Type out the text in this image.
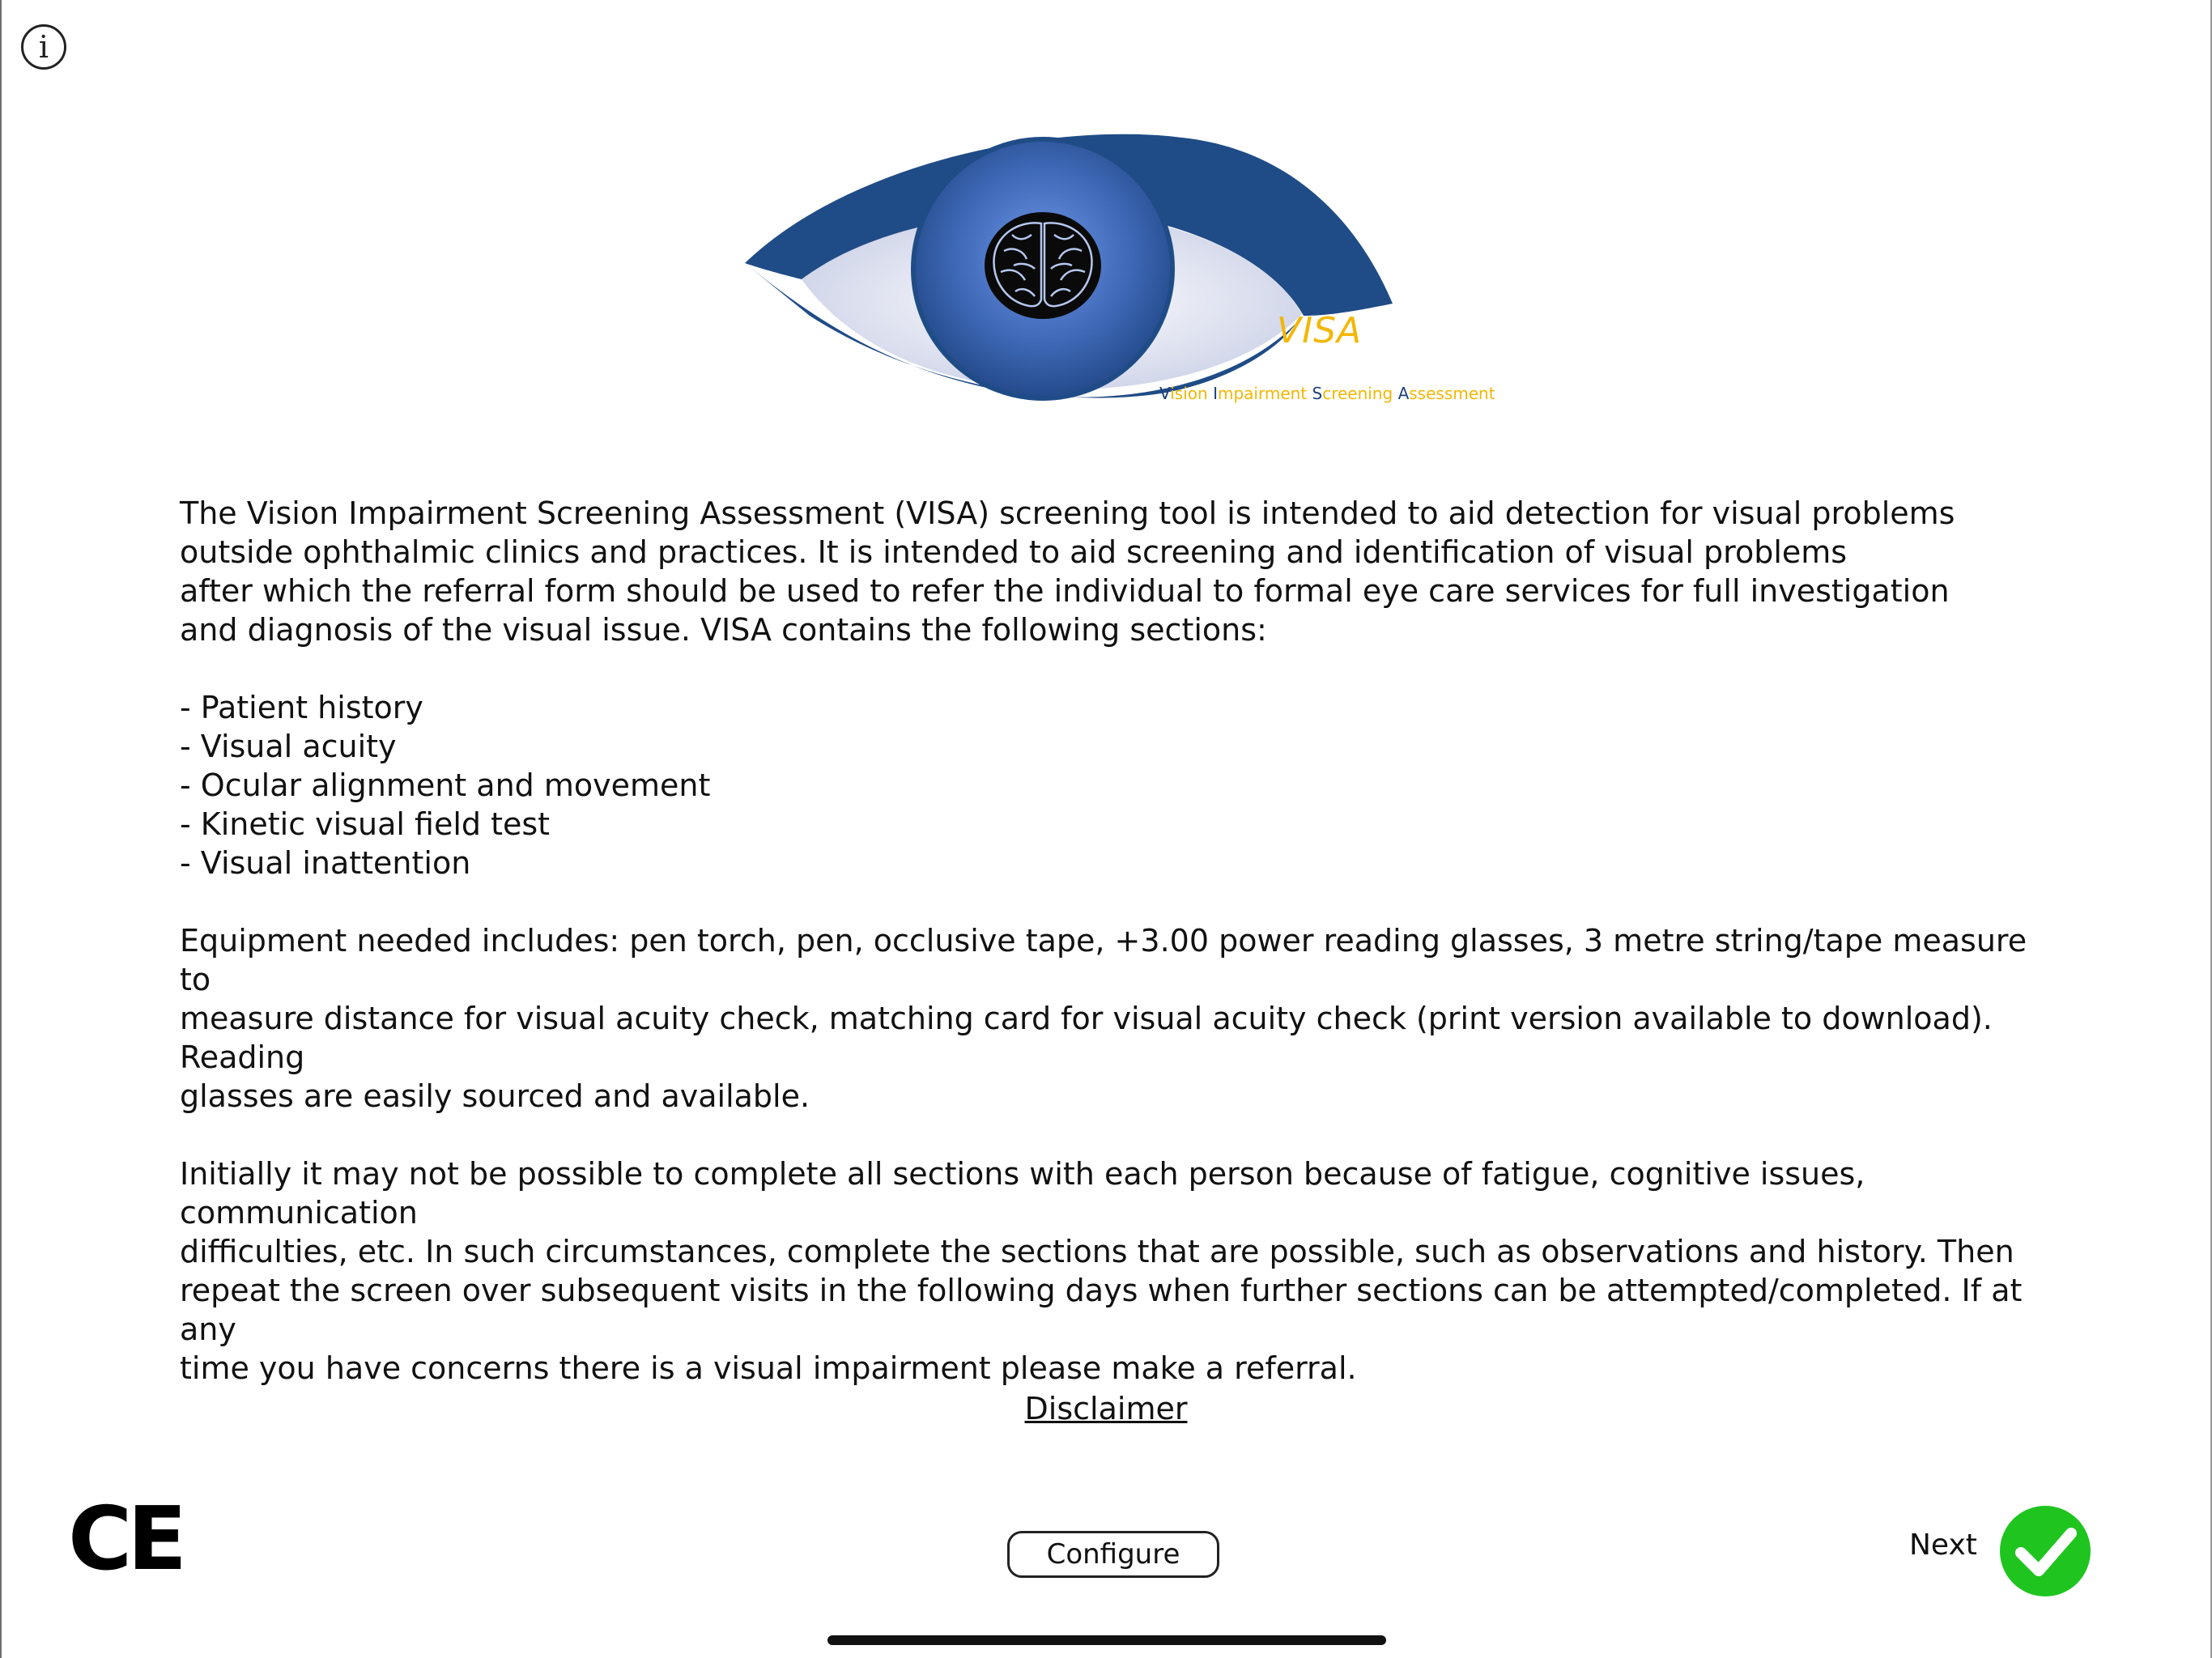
i
VISA
Vision Impairment Screening Assessment

The Vision Impairment Screening Assessment (VISA) screening tool is intended to aid detection for visual problems
outside ophthalmic clinics and practices. It is intended to aid screening and identification of visual problems
after which the referral form should be used to refer the individual to formal eye care services for full investigation
and diagnosis of the visual issue. VISA contains the following sections:

- Patient history
- Visual acuity
- Ocular alignment and movement
- Kinetic visual field test
- Visual inattention

Equipment needed includes: pen torch, pen, occlusive tape, +3.00 power reading glasses, 3 metre string/tape measure to
measure distance for visual acuity check, matching card for visual acuity check (print version available to download). Reading
glasses are easily sourced and available.

Initially it may not be possible to complete all sections with each person because of fatigue, cognitive issues, communication
difficulties, etc. In such circumstances, complete the sections that are possible, such as observations and history. Then
repeat the screen over subsequent visits in the following days when further sections can be attempted/completed. If at any
time you have concerns there is a visual impairment please make a referral.

Disclaimer
CE	Configure	Next
